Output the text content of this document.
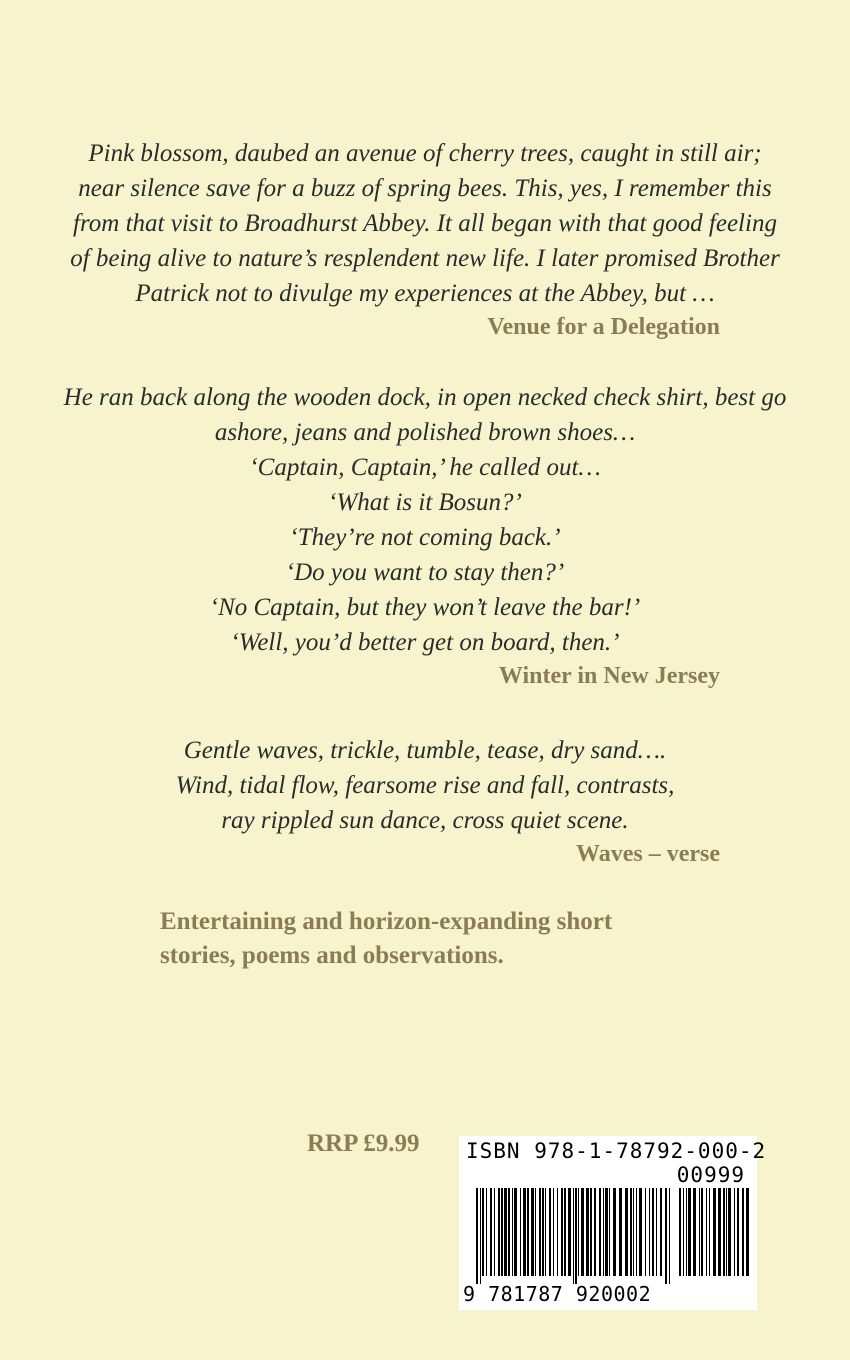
Pink blossom, daubed an avenue of cherry trees, caught in still air;
near silence save for a buzz of spring bees. This, yes, I remember this
from that visit to Broadhurst Abbey. It all began with that good feeling
of being alive to nature’s resplendent new life. I later promised Brother
Patrick not to divulge my experiences at the Abbey, but …
Venue for a Delegation
He ran back along the wooden dock, in open necked check shirt, best go
ashore, jeans and polished brown shoes…
‘Captain, Captain,’ he called out…
‘What is it Bosun?’
‘They’re not coming back.’
‘Do you want to stay then?’
‘No Captain, but they won’t leave the bar!’
‘Well, you’d better get on board, then.’
Winter in New Jersey
Gentle waves, trickle, tumble, tease, dry sand….
Wind, tidal flow, fearsome rise and fall, contrasts,
ray rippled sun dance, cross quiet scene.
Waves – verse
Entertaining and horizon-expanding short
stories, poems and observations.
RRP £9.99 ISBN 978-1-78792-000-2
00999
9 781787 920002
